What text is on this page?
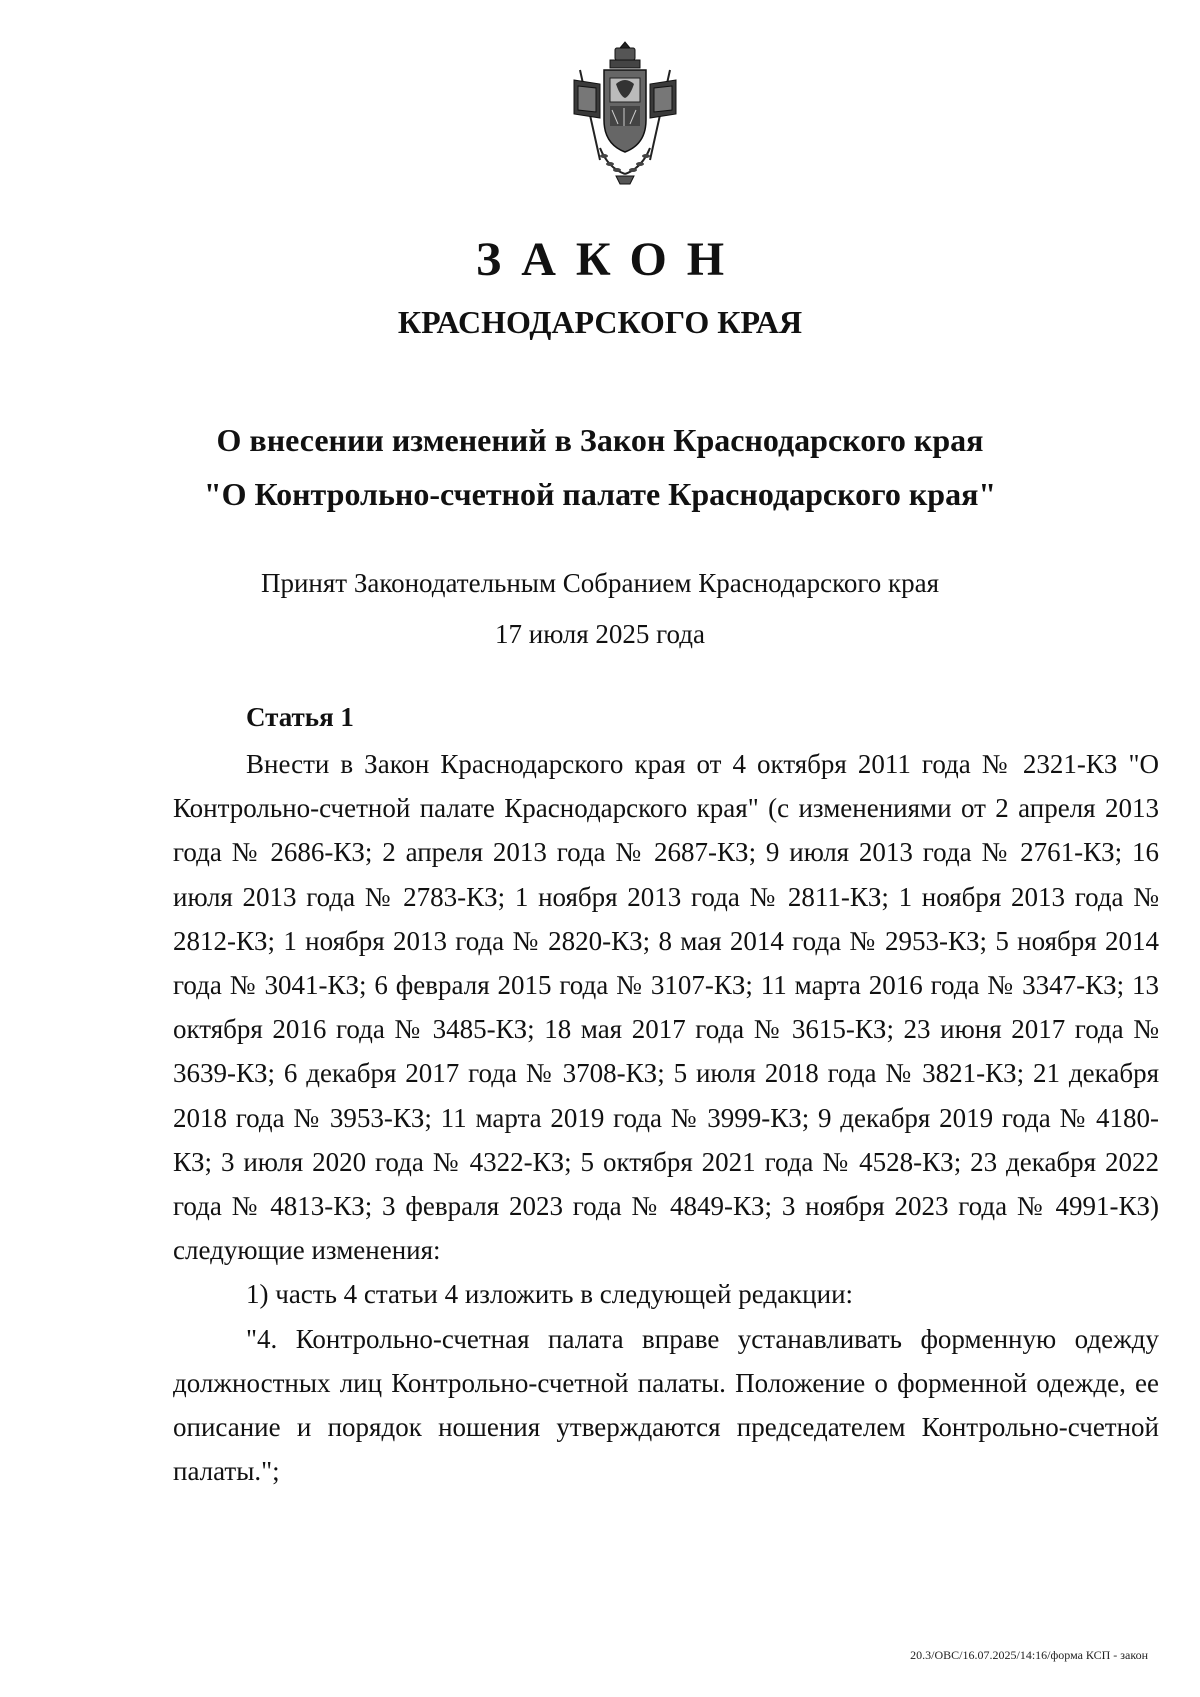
ЗАКОН
КРАСНОДАРСКОГО КРАЯ
О внесении изменений в Закон Краснодарского края
"О Контрольно-счетной палате Краснодарского края"
Принят Законодательным Собранием Краснодарского края
17 июля 2025 года
Статья 1

Внести в Закон Краснодарского края от 4 октября 2011 года № 2321-КЗ "О Контрольно-счетной палате Краснодарского края" (с изменениями от 2 апреля 2013 года № 2686-КЗ; 2 апреля 2013 года № 2687-КЗ; 9 июля 2013 года № 2761-КЗ; 16 июля 2013 года № 2783-КЗ; 1 ноября 2013 года № 2811-КЗ; 1 ноября 2013 года № 2812-КЗ; 1 ноября 2013 года № 2820-КЗ; 8 мая 2014 года № 2953-КЗ; 5 ноября 2014 года № 3041-КЗ; 6 февраля 2015 года № 3107-КЗ; 11 марта 2016 года № 3347-КЗ; 13 октября 2016 года № 3485-КЗ; 18 мая 2017 года № 3615-КЗ; 23 июня 2017 года № 3639-КЗ; 6 декабря 2017 года № 3708-КЗ; 5 июля 2018 года № 3821-КЗ; 21 декабря 2018 года № 3953-КЗ; 11 марта 2019 года № 3999-КЗ; 9 декабря 2019 года № 4180-КЗ; 3 июля 2020 года № 4322-КЗ; 5 октября 2021 года № 4528-КЗ; 23 декабря 2022 года № 4813-КЗ; 3 февраля 2023 года № 4849-КЗ; 3 ноября 2023 года № 4991-КЗ) следующие изменения:

1) часть 4 статьи 4 изложить в следующей редакции:

"4. Контрольно-счетная палата вправе устанавливать форменную одежду должностных лиц Контрольно-счетной палаты. Положение о форменной одежде, ее описание и порядок ношения утверждаются председателем Контрольно-счетной палаты.";

20.3/ОВС/16.07.2025/14:16/форма КСП - закон
